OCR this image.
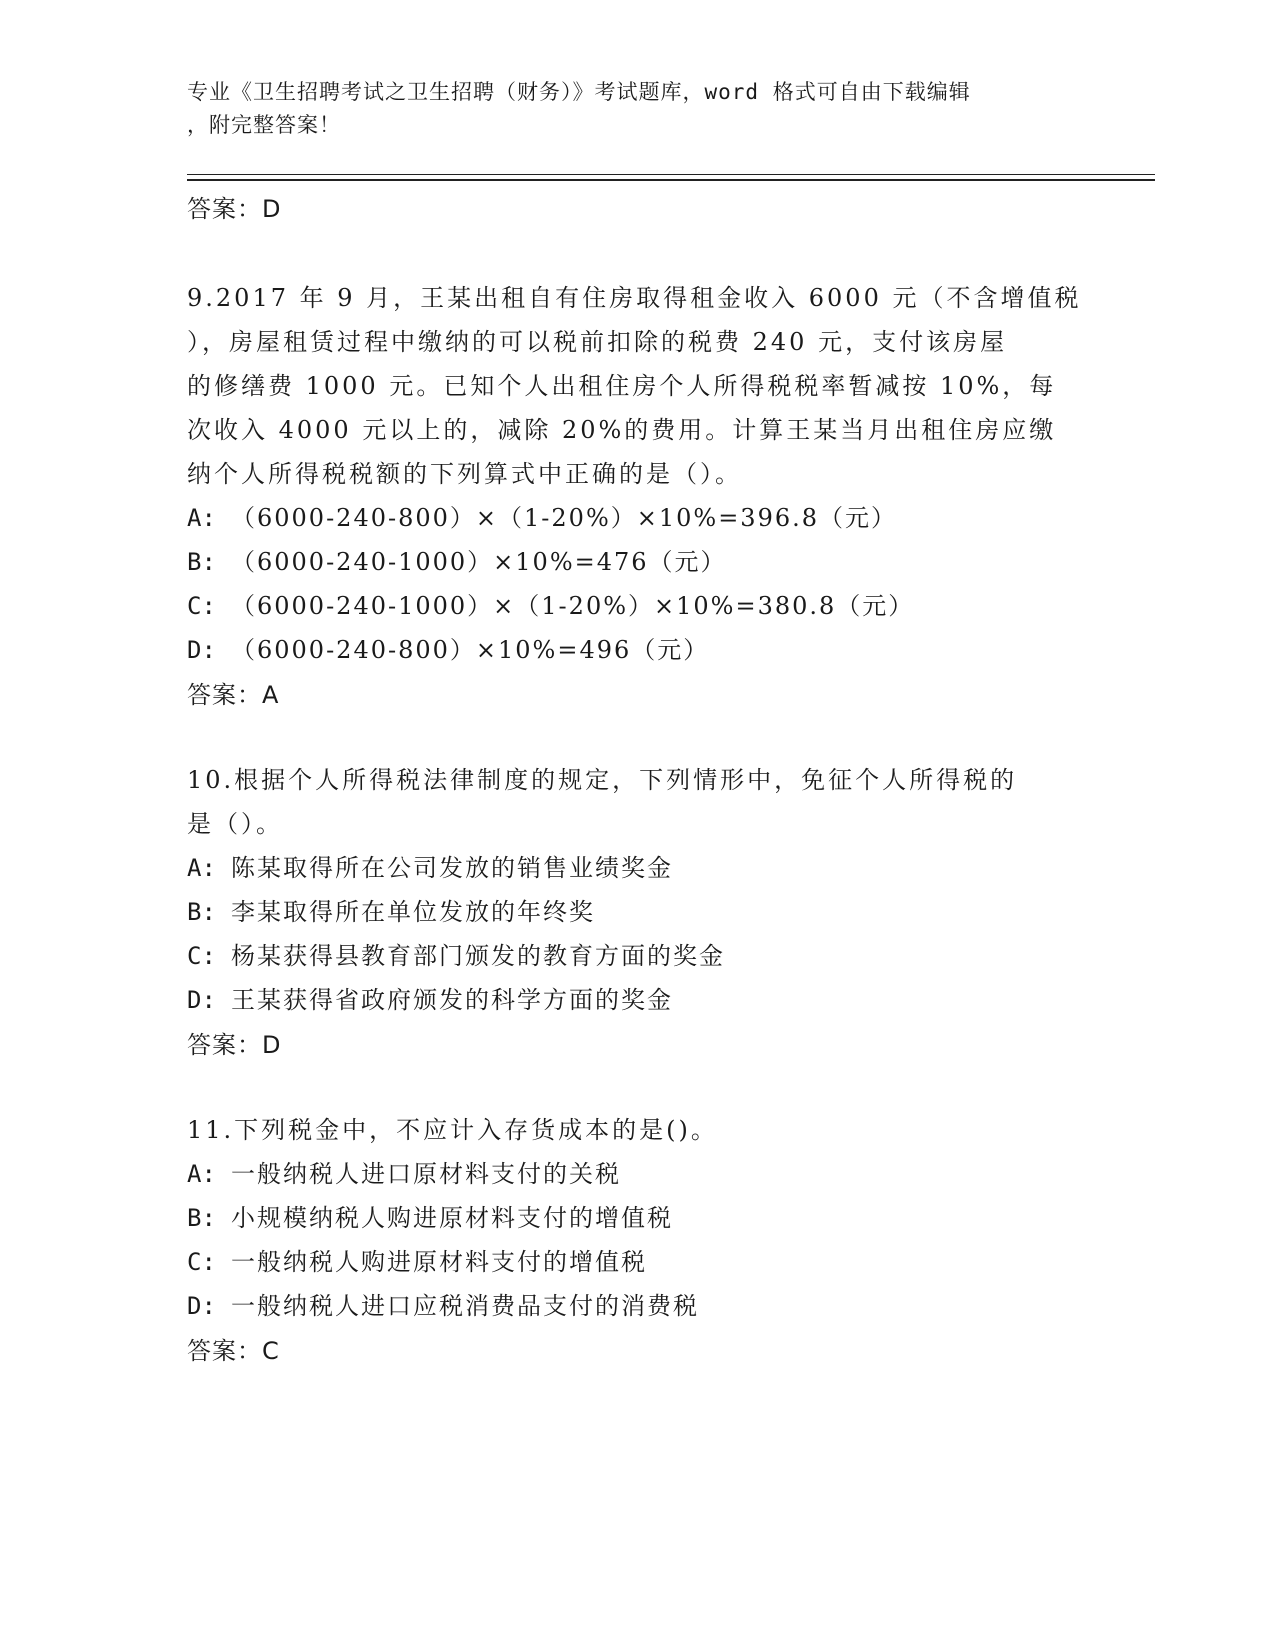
专业《卫生招聘考试之卫生招聘（财务）》考试题库，word 格式可自由下载编辑
，附完整答案！
答案：D
9.2017 年 9 月，王某出租自有住房取得租金收入 6000 元（不含增值税
），房屋租赁过程中缴纳的可以税前扣除的税费 240 元，支付该房屋
的修缮费 1000 元。已知个人出租住房个人所得税税率暂减按 10%，每
次收入 4000 元以上的，减除 20%的费用。计算王某当月出租住房应缴
纳个人所得税税额的下列算式中正确的是（）。
A: （6000-240-800）×（1-20%）×10%=396.8（元）
B: （6000-240-1000）×10%=476（元）
C: （6000-240-1000）×（1-20%）×10%=380.8（元）
D: （6000-240-800）×10%=496（元）
答案：A
10.根据个人所得税法律制度的规定，下列情形中，免征个人所得税的
是（）。
A: 陈某取得所在公司发放的销售业绩奖金
B: 李某取得所在单位发放的年终奖
C: 杨某获得县教育部门颁发的教育方面的奖金
D: 王某获得省政府颁发的科学方面的奖金
答案：D
11.下列税金中，不应计入存货成本的是()。
A: 一般纳税人进口原材料支付的关税
B: 小规模纳税人购进原材料支付的增值税
C: 一般纳税人购进原材料支付的增值税
D: 一般纳税人进口应税消费品支付的消费税
答案：C
